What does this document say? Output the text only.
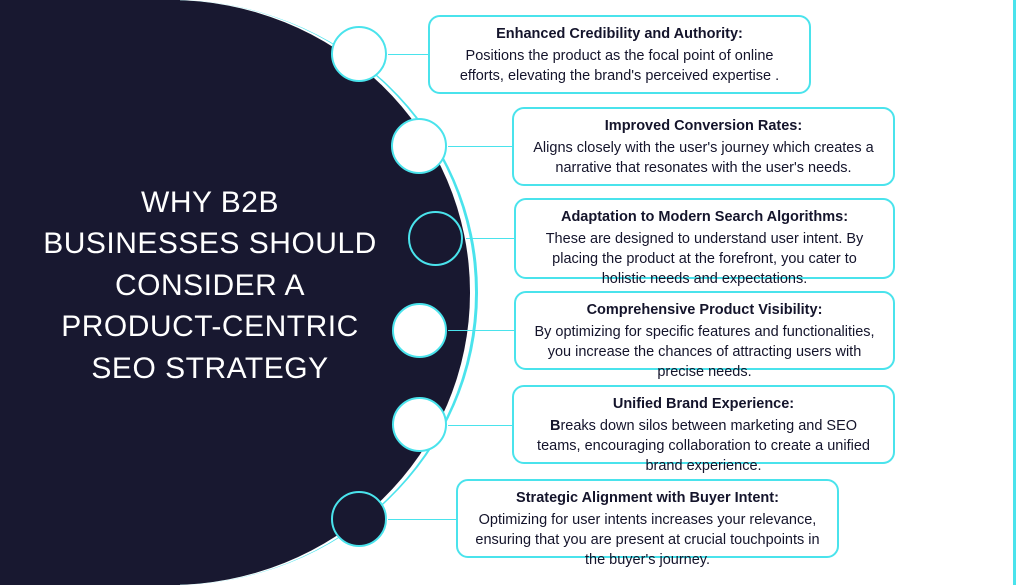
WHY B2B BUSINESSES SHOULD CONSIDER A PRODUCT-CENTRIC SEO STRATEGY
Enhanced Credibility and Authority:
Positions the product as the focal point of online efforts, elevating the brand's perceived expertise .
Improved Conversion Rates:
Aligns closely with the user's journey which creates a narrative that resonates with the user's needs.
Adaptation to Modern Search Algorithms:
These are designed to understand user intent. By placing the product at the forefront, you cater to holistic needs and expectations.
Comprehensive Product Visibility:
By optimizing for specific features and functionalities, you increase the chances of attracting users with precise needs.
Unified Brand Experience:
Breaks down silos between marketing and SEO teams, encouraging collaboration to create a unified brand experience.
Strategic Alignment with Buyer Intent:
Optimizing for user intents increases your relevance, ensuring that you are present at crucial touchpoints in the buyer's journey.
